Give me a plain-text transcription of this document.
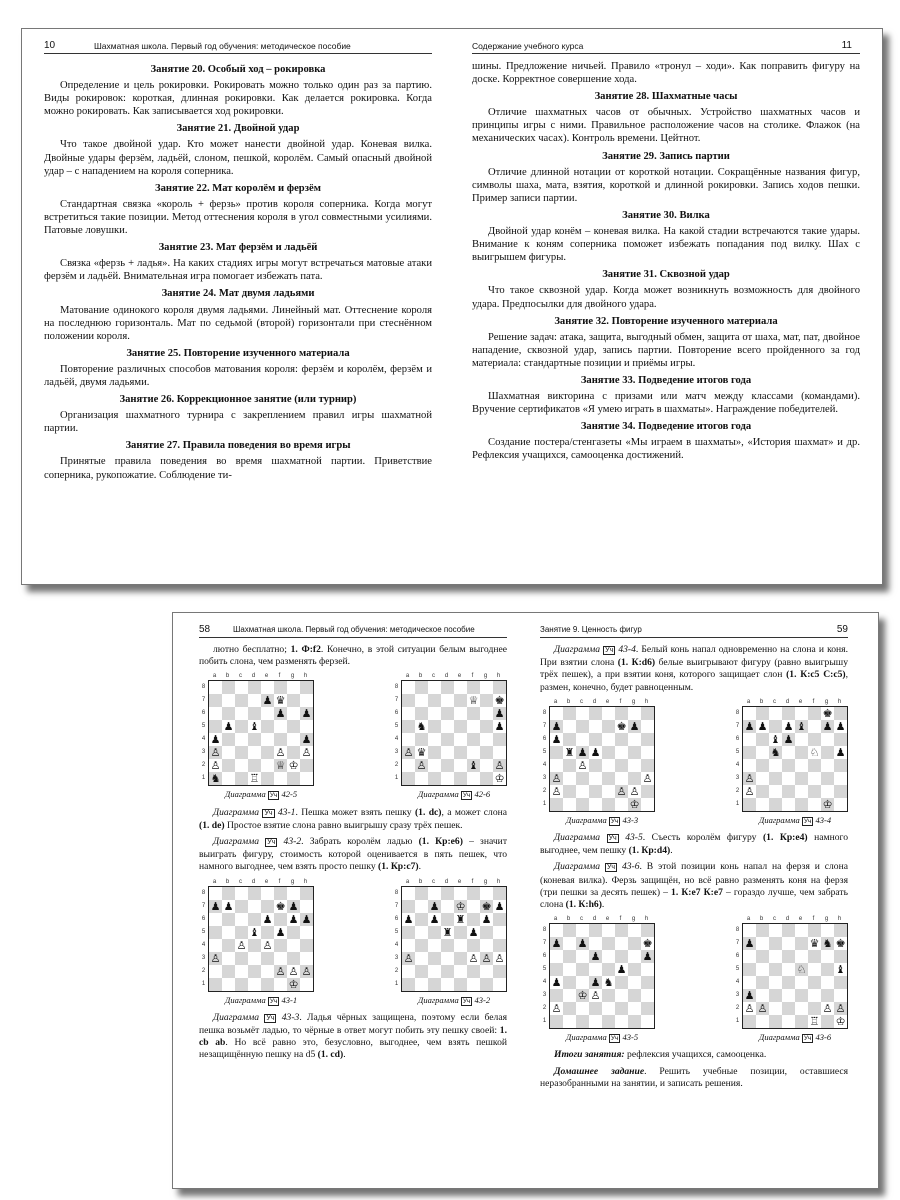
10	Шахматная школа. Первый год обучения: методическое пособие
Занятие 20. Особый ход – рокировка

Определение и цель рокировки. Рокировать можно только один раз за партию. Виды рокировок: короткая, длинная рокировки. Как делается рокировка. Когда можно рокировать. Как записывается ход рокировки.

Занятие 21. Двойной удар

Что такое двойной удар. Кто может нанести двойной удар. Коневая вилка. Двойные удары ферзём, ладьёй, слоном, пешкой, королём. Самый опасный двойной удар – с нападением на короля соперника.

Занятие 22. Мат королём и ферзём

Стандартная связка «король + ферзь» против короля соперника. Когда могут встретиться такие позиции. Метод оттеснения короля в угол совместными усилиями. Патовые ловушки.

Занятие 23. Мат ферзём и ладьёй

Связка «ферзь + ладья». На каких стадиях игры могут встречаться матовые атаки ферзём и ладьёй. Внимательная игра помогает избежать пата.

Занятие 24. Мат двумя ладьями

Матование одинокого короля двумя ладьями. Линейный мат. Оттеснение короля на последнюю горизонталь. Мат по седьмой (второй) горизонтали при стеснённом положении короля.

Занятие 25. Повторение изученного материала

Повторение различных способов матования короля: ферзём и королём, ферзём и ладьёй, двумя ладьями.

Занятие 26. Коррекционное занятие (или турнир)

Организация шахматного турнира с закреплением правил игры шахматной партии.

Занятие 27. Правила поведения во время игры

Принятые правила поведения во время шахматной партии. Приветствие соперника, рукопожатие. Соблюдение ти-

Содержание учебного курса	11

шины. Предложение ничьей. Правило «тронул – ходи». Как поправить фигуру на доске. Корректное совершение хода.

Занятие 28. Шахматные часы

Отличие шахматных часов от обычных. Устройство шахматных часов и принципы игры с ними. Правильное расположение часов на столике. Флажок (на механических часах). Контроль времени. Цейтнот.

Занятие 29. Запись партии

Отличие длинной нотации от короткой нотации. Сокращённые названия фигур, символы шаха, мата, взятия, короткой и длинной рокировки. Запись ходов пешки. Пример записи партии.

Занятие 30. Вилка

Двойной удар конём – коневая вилка. На какой стадии встречаются такие удары. Внимание к коням соперника поможет избежать попадания под вилку. Шах с выигрышем фигуры.

Занятие 31. Сквозной удар

Что такое сквозной удар. Когда может возникнуть возможность для двойного удара. Предпосылки для двойного удара.

Занятие 32. Повторение изученного материала

Решение задач: атака, защита, выгодный обмен, защита от шаха, мат, пат, двойное нападение, сквозной удар, запись партии. Повторение всего пройденного за год материала: стандартные позиции и приёмы игры.

Занятие 33. Подведение итогов года

Шахматная викторина с призами или матч между классами (командами). Вручение сертификатов «Я умею играть в шахматы». Награждение победителей.

Занятие 34. Подведение итогов года

Создание постера/стенгазеты «Мы играем в шахматы», «История шахмат» и др. Рефлексия учащихся, самооценка достижений.

58	Шахматная школа. Первый год обучения: методическое пособие

лютно бесплатно; 1. Ф:f2. Конечно, в этой ситуации белым выгоднее побить слона, чем разменять ферзей.

a	b	c	d	e	f	g	h
8
7
6
5
4
3
2
1
♟ ♛
♟ ♟
♟ ♝
♟	♟
♙	♙ ♙
♙	♕ ♔
♞	♖
Диаграмма Уч 42-5
a	b	c	d	e	f	g	h
8
7
6
5
4
3
2
1
♕ ♚
♟
♞	♟
♙ ♛
♙	♝ ♙
♔
Диаграмма Уч 42-6

Диаграмма Уч 43-1. Пешка может взять пешку (1. dc), а может слона (1. de) Простое взятие слона равно выигрышу сразу трёх пешек.

Диаграмма Уч 43-2. Забрать королём ладью (1. Кр:e6) – значит выиграть фигуру, стоимость которой оценивается в пять пешек, что намного выгоднее, чем взять просто пешку (1. Кр:c7).

a	b	c	d	e	f	g	h
8
7
6
5
4
3
2
1
♟ ♟	♚ ♟
♟ ♟ ♟
♝ ♟
♙ ♙
♙
♙ ♙ ♙
♔
Диаграмма Уч 43-1
a	b	c	d	e	f	g	h
8
7
6
5
4
3
2
1
♟ ♔ ♚ ♟
♟ ♟ ♜ ♟
♜ ♟
♙	♙ ♙ ♙
Диаграмма Уч 43-2

Диаграмма Уч 43-3. Ладья чёрных защищена, поэтому если белая пешка возьмёт ладью, то чёрные в ответ могут побить эту пешку своей: 1. cb ab. Но всё равно это, безусловно, выгоднее, чем взять пешкой незащищённую пешку на d5 (1. cd).

Занятие 9. Ценность фигур	59

Диаграмма Уч 43-4. Белый конь напал одновременно на слона и коня. При взятии слона (1. К:d6) белые выигрывают фигуру (равно выигрышу трёх пешек), а при взятии коня, которого защищает слон (1. К:c5 С:c5), размен, конечно, будет равноценным.

a	b	c	d	e	f	g	h
8
7
6
5
4
3
2
1
♟	♚ ♟
♟
♜ ♟ ♟
♙
♙	♙
♙	♙ ♙
♔
Диаграмма Уч 43-3
a	b	c	d	e	f	g	h
8
7
6
5
4
3
2
1
♚
♟ ♟ ♟ ♝ ♟ ♟
♝ ♟
♞	♘ ♟
♙
♙
♔
Диаграмма Уч 43-4

Диаграмма Уч 43-5. Съесть королём фигуру (1. Кр:e4) намного выгоднее, чем пешку (1. Кр:d4).

Диаграмма Уч 43-6. В этой позиции конь напал на ферзя и слона (коневая вилка). Ферзь защищён, но всё равно разменять коня на ферзя (три пешки за десять пешек) – 1. К:e7 К:e7 – гораздо лучше, чем забрать слона (1. К:h6).

a	b	c	d	e	f	g	h
8
7
6
5
4
3
2
1
♟ ♟	♚
♟	♟
♟
♟	♟ ♞
♔ ♙
♙
Диаграмма Уч 43-5
a	b	c	d	e	f	g	h
8
7
6
5
4
3
2
1
♟	♛ ♞ ♚
♘	♝
♟
♙ ♙	♙ ♙
♖ ♔
Диаграмма Уч 43-6

Итоги занятия: рефлексия учащихся, самооценка.

Домашнее задание. Решить учебные позиции, оставшиеся неразобранными на занятии, и записать решения.
